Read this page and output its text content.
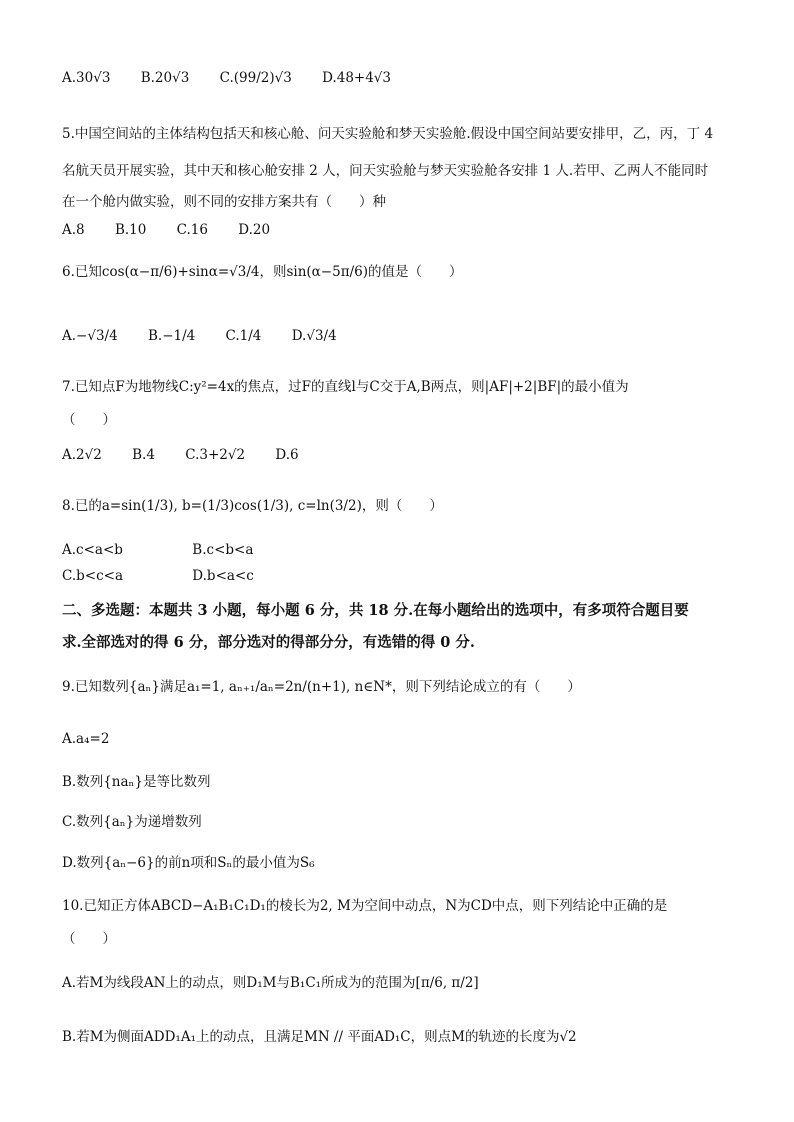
A.30√3 B.20√3 C.(99/2)√3 D.48+4√3
5.中国空间站的主体结构包括天和核心舱、问天实验舱和梦天实验舱.假设中国空间站要安排甲，乙，丙，丁 4
名航天员开展实验，其中天和核心舱安排 2 人，问天实验舱与梦天实验舱各安排 1 人.若甲、乙两人不能同时
在一个舱内做实验，则不同的安排方案共有（　　）种
A.8 B.10 C.16 D.20
6.已知cos(α−π/6)+sinα=√3/4，则sin(α−5π/6)的值是（　　）
A.−√3/4 B.−1/4 C.1/4 D.√3/4
7.已知点F为地物线C:y²=4x的焦点，过F的直线l与C交于A,B两点，则|AF|+2|BF|的最小值为
（　　）
A.2√2 B.4 C.3+2√2 D.6
8.已的a=sin(1/3), b=(1/3)cos(1/3), c=ln(3/2)，则（　　）
A.c<a<b	B.c<b<a
C.b<c<a	D.b<a<c
二、多选题：本题共 3 小题，每小题 6 分，共 18 分.在每小题给出的选项中，有多项符合题目要
求.全部选对的得 6 分，部分选对的得部分分，有选错的得 0 分.
9.已知数列{aₙ}满足a₁=1, aₙ₊₁/aₙ=2n/(n+1), n∈N*，则下列结论成立的有（　　）
A.a₄=2
B.数列{naₙ}是等比数列
C.数列{aₙ}为递增数列
D.数列{aₙ−6}的前n项和Sₙ的最小值为S₆
10.已知正方体ABCD−A₁B₁C₁D₁的棱长为2, M为空间中动点，N为CD中点，则下列结论中正确的是
（　　）
A.若M为线段AN上的动点，则D₁M与B₁C₁所成为的范围为[π/6, π/2]
B.若M为侧面ADD₁A₁上的动点，且满足MN // 平面AD₁C，则点M的轨迹的长度为√2
